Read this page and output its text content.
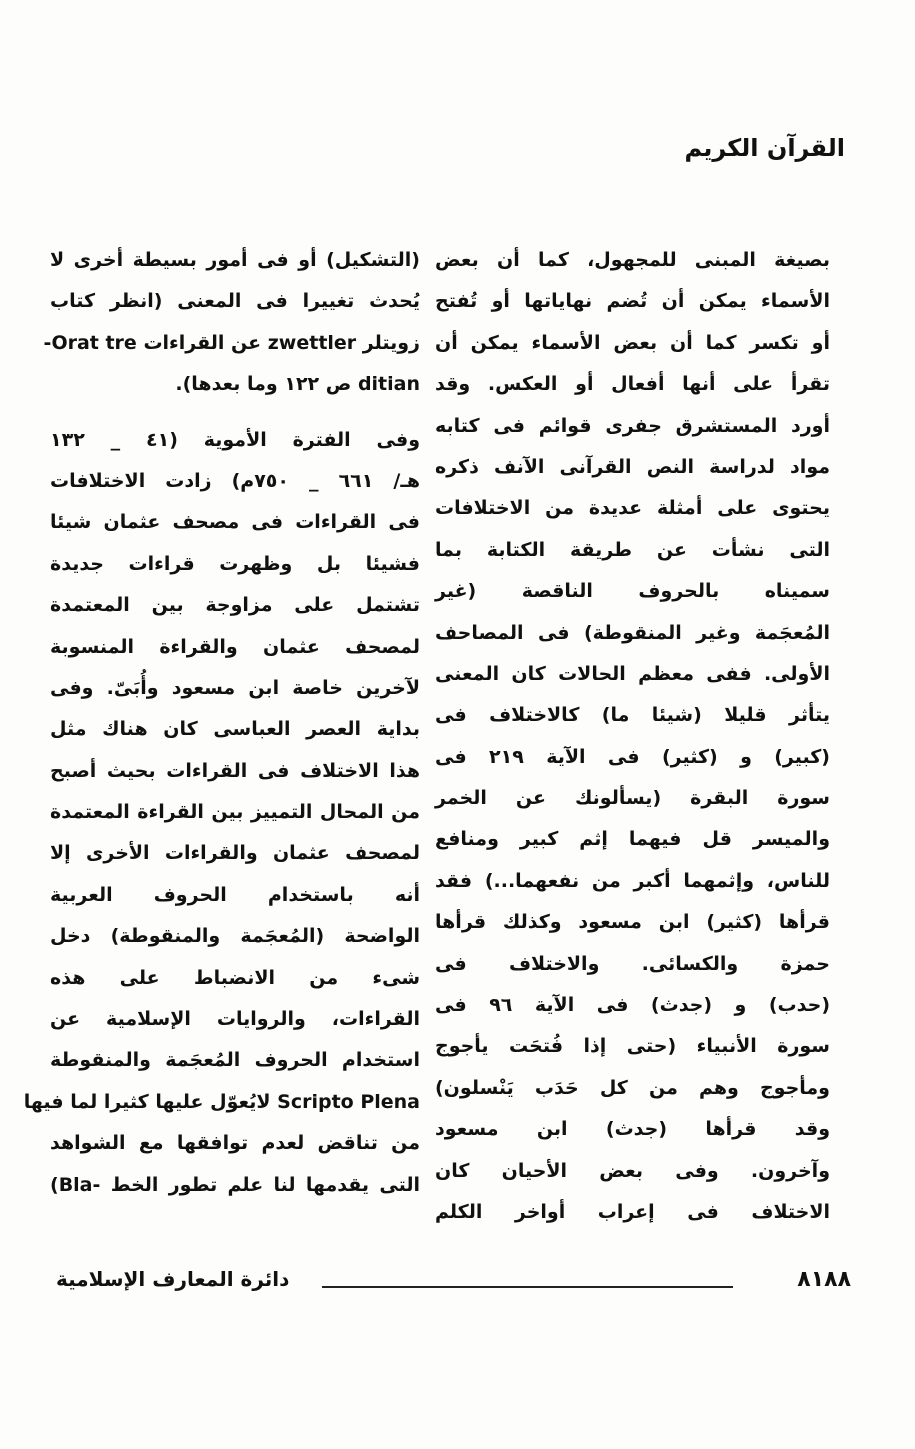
القرآن الكريم
بصيغة المبنى للمجهول، كما أن بعض
الأسماء يمكن أن تُضم نهاياتها أو تُفتح
أو تكسر كما أن بعض الأسماء يمكن أن
تقرأ على أنها أفعال أو العكس. وقد
أورد المستشرق جفرى قوائم فى كتابه
مواد لدراسة النص القرآنى الآنف ذكره
يحتوى على أمثلة عديدة من الاختلافات
التى نشأت عن طريقة الكتابة بما
سميناه بالحروف الناقصة (غير
المُعجَمة وغير المنقوطة) فى المصاحف
الأولى. ففى معظم الحالات كان المعنى
يتأثر قليلا (شيئا ما) كالاختلاف فى
(كبير) و (كثير) فى الآية ٢١٩ فى
سورة البقرة (يسألونك عن الخمر
والميسر قل فيهما إثم كبير ومنافع
للناس، وإثمهما أكبر من نفعهما...) فقد
قرأها (كثير) ابن مسعود وكذلك قرأها
حمزة والكسائى. والاختلاف فى
(حدب) و (جدث) فى الآية ٩٦ فى
سورة الأنبياء (حتى إذا فُتحَت يأجوج
ومأجوج وهم من كل حَدَب يَنْسلون)
وقد قرأها (جدث) ابن مسعود
وآخرون. وفى بعض الأحيان كان
الاختلاف فى إعراب أواخر الكلم
(التشكيل) أو فى أمور بسيطة أخرى لا
يُحدث تغييرا فى المعنى (انظر كتاب
زويتلر zwettler عن القراءات Orat tre-
ditian ص ١٢٢ وما بعدها).
وفى الفترة الأموية (٤١ _ ١٣٢
هـ/ ٦٦١ _ ٧٥٠م) زادت الاختلافات
فى القراءات فى مصحف عثمان شيئا
فشيئا بل وظهرت قراءات جديدة
تشتمل على مزاوجة بين المعتمدة
لمصحف عثمان والقراءة المنسوبة
لآخرين خاصة ابن مسعود وأُبَىّ. وفى
بداية العصر العباسى كان هناك مثل
هذا الاختلاف فى القراءات بحيث أصبح
من المحال التمييز بين القراءة المعتمدة
لمصحف عثمان والقراءات الأخرى إلا
أنه باستخدام الحروف العربية
الواضحة (المُعجَمة والمنقوطة) دخل
شىء من الانضباط على هذه
القراءات، والروايات الإسلامية عن
استخدام الحروف المُعجَمة والمنقوطة
Scripto Plena لايُعوّل عليها كثيرا لما فيها
من تناقض لعدم توافقها مع الشواهد
التى يقدمها لنا علم تطور الخط -Bla)
دائرة المعارف الإسلامية	٨١٨٨
